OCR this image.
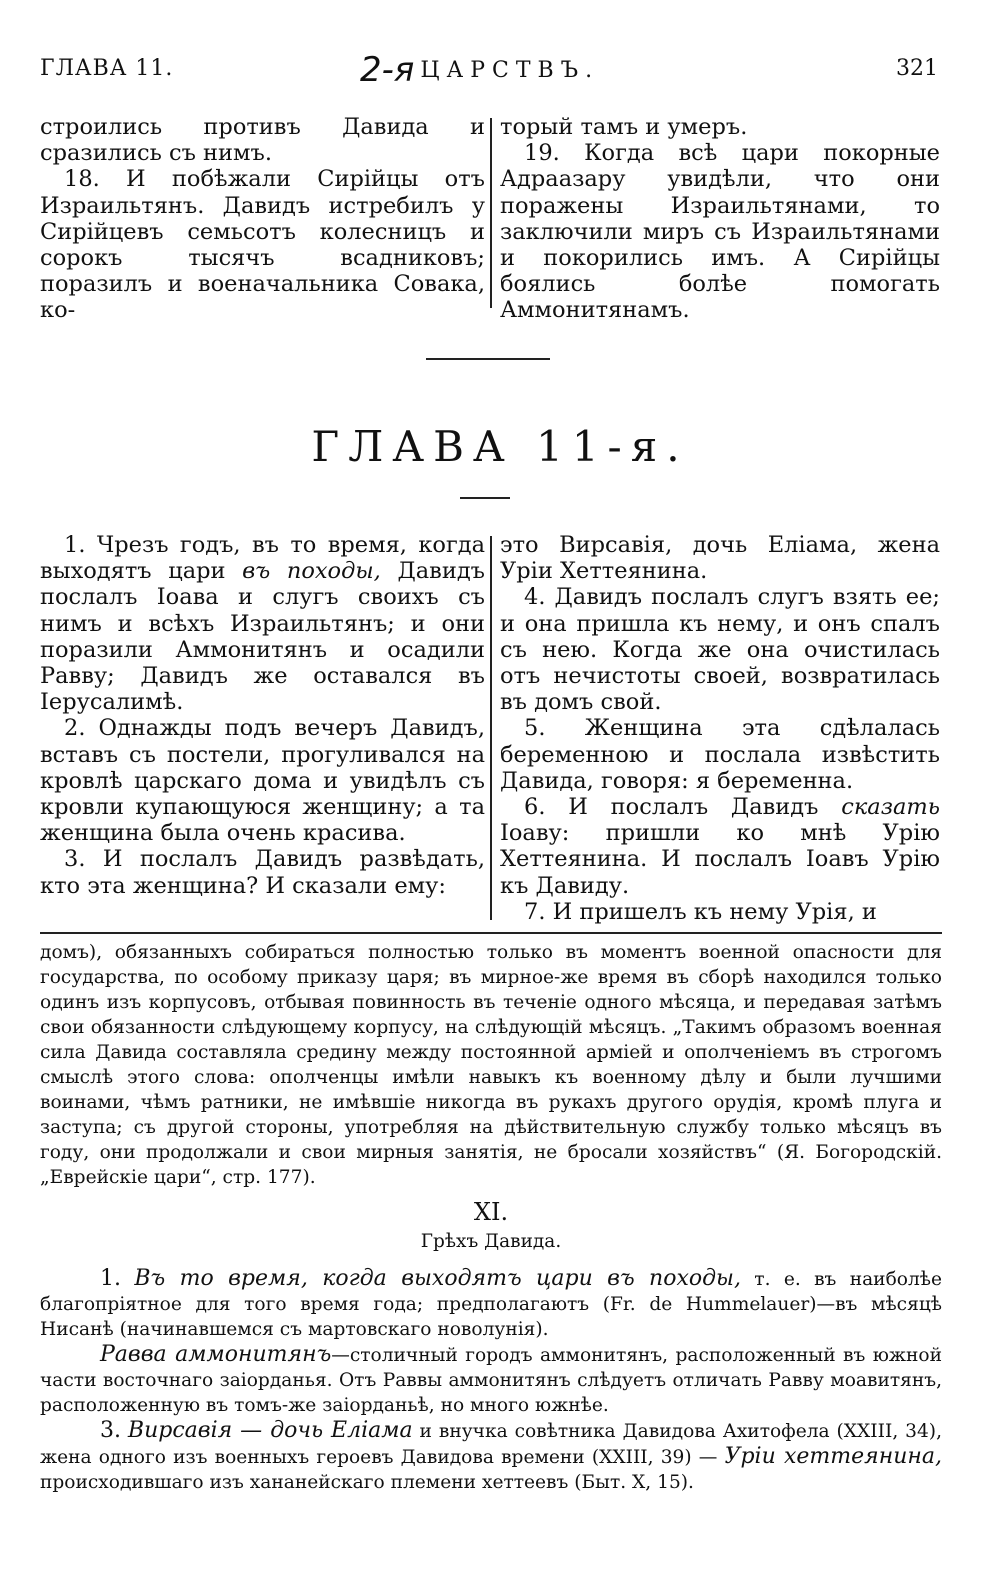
ГЛАВА 11.	2-я ЦАРСТВЪ.	321

строились противъ Давида и сразились съ нимъ.

18. И побѣжали Сирійцы отъ Израильтянъ. Давидъ истребилъ у Сирійцевъ семьсотъ колесницъ и сорокъ тысячъ всадниковъ; поразилъ и военачальника Совака, ко-

торый тамъ и умеръ.

19. Когда всѣ цари покорные Адраазару увидѣли, что они поражены Израильтянами, то заключили миръ съ Израильтянами и покорились имъ. А Сирійцы боялись болѣе помогать Аммонитянамъ.

ГЛАВА 11-я.

1. Чрезъ годъ, въ то время, когда выходятъ цари въ походы, Давидъ послалъ Іоава и слугъ своихъ съ нимъ и всѣхъ Израильтянъ; и они поразили Аммонитянъ и осадили Равву; Давидъ же оставался въ Іерусалимѣ.

2. Однажды подъ вечеръ Давидъ, вставъ съ постели, прогуливался на кровлѣ царскаго дома и увидѣлъ съ кровли купающуюся женщину; а та женщина была очень красива.

3. И послалъ Давидъ развѣдать, кто эта женщина? И сказали ему:

это Вирсавія, дочь Еліама, жена Уріи Хеттеянина.

4. Давидъ послалъ слугъ взять ее; и она пришла къ нему, и онъ спалъ съ нею. Когда же она очистилась отъ нечистоты своей, возвратилась въ домъ свой.

5. Женщина эта сдѣлалась беременною и послала извѣстить Давида, говоря: я беременна.

6. И послалъ Давидъ сказать Іоаву: пришли ко мнѣ Урію Хеттеянина. И послалъ Іоавъ Урію къ Давиду.

7. И пришелъ къ нему Урія, и

домъ), обязанныхъ собираться полностью только въ моментъ военной опасности для государства, по особому приказу царя; въ мирное-же время въ сборѣ находился только одинъ изъ корпусовъ, отбывая повинность въ теченіе одного мѣсяца, и передавая затѣмъ свои обязанности слѣдующему корпусу, на слѣдующій мѣсяцъ. „Такимъ образомъ военная сила Давида составляла средину между постоянной арміей и ополченіемъ въ строгомъ смыслѣ этого слова: ополченцы имѣли навыкъ къ военному дѣлу и были лучшими воинами, чѣмъ ратники, не имѣвшіе никогда въ рукахъ другого орудія, кромѣ плуга и заступа; съ другой стороны, употребляя на дѣйствительную службу только мѣсяцъ въ году, они продолжали и свои мирныя занятія, не бросали хозяйствъ“ (Я. Богородскій. „Еврейскіе цари“, стр. 177).

XI.

Грѣхъ Давида.

1. Въ то время, когда выходятъ цари въ походы, т. е. въ наиболѣе благопріятное для того время года; предполагаютъ (Fr. de Hummelauer)—въ мѣсяцѣ Нисанѣ (начинавшемся съ мартовскаго новолунія).

Равва аммонитянъ—столичный городъ аммонитянъ, расположенный въ южной части восточнаго заіорданья. Отъ Раввы аммонитянъ слѣдуетъ отличать Равву моавитянъ, расположенную въ томъ-же заіорданьѣ, но много южнѣе.

3. Вирсавія — дочь Еліама и внучка совѣтника Давидова Ахитофела (XXIII, 34), жена одного изъ военныхъ героевъ Давидова времени (XXIII, 39) — Уріи хеттеянина, происходившаго изъ хананейскаго племени хеттеевъ (Быт. X, 15).
